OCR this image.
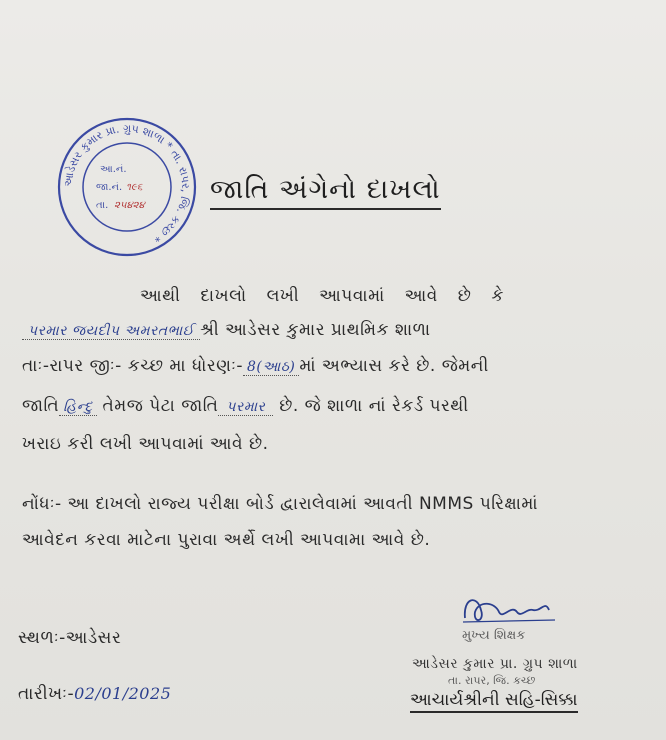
આડેસર કુમાર પ્રા. ગ્રુપ શાળા * તા. રાપર, જિ. કચ્છ *
આ.નં.
જા.નં. ૧૯૬
તા. ૨૫૪૨૪
જાતિ અંગેનો દાખલો
આથી દાખલો લખી આપવામાં આવે છે કે
પરમાર જયદીપ અમરતભાઈ શ્રી આડેસર કુમાર પ્રાથમિક શાળા
તાઃ-રાપર જીઃ- કચ્છ મા ધોરણઃ- 8(આઠ) માં અભ્યાસ કરે છે. જેમની
જાતિ હિન્દુ તેમજ પેટા જાતિ પરમાર છે. જે શાળા નાં રેકર્ડ પરથી
ખરાઇ કરી લખી આપવામાં આવે છે.
નોંધઃ- આ દાખલો રાજ્ય પરીક્ષા બોર્ડ દ્વારાલેવામાં આવતી NMMS પરિક્ષામાં
આવેદન કરવા માટેના પુરાવા અર્થે લખી આપવામા આવે છે.
સ્થળઃ-આડેસર
તારીખઃ-02/01/2025
મુખ્ય શિક્ષક
આડેસર કુમાર પ્રા. ગ્રુપ શાળા
તા. રાપર, જિ. કચ્છ
આચાર્યશ્રીની સહિ-સિક્કા
